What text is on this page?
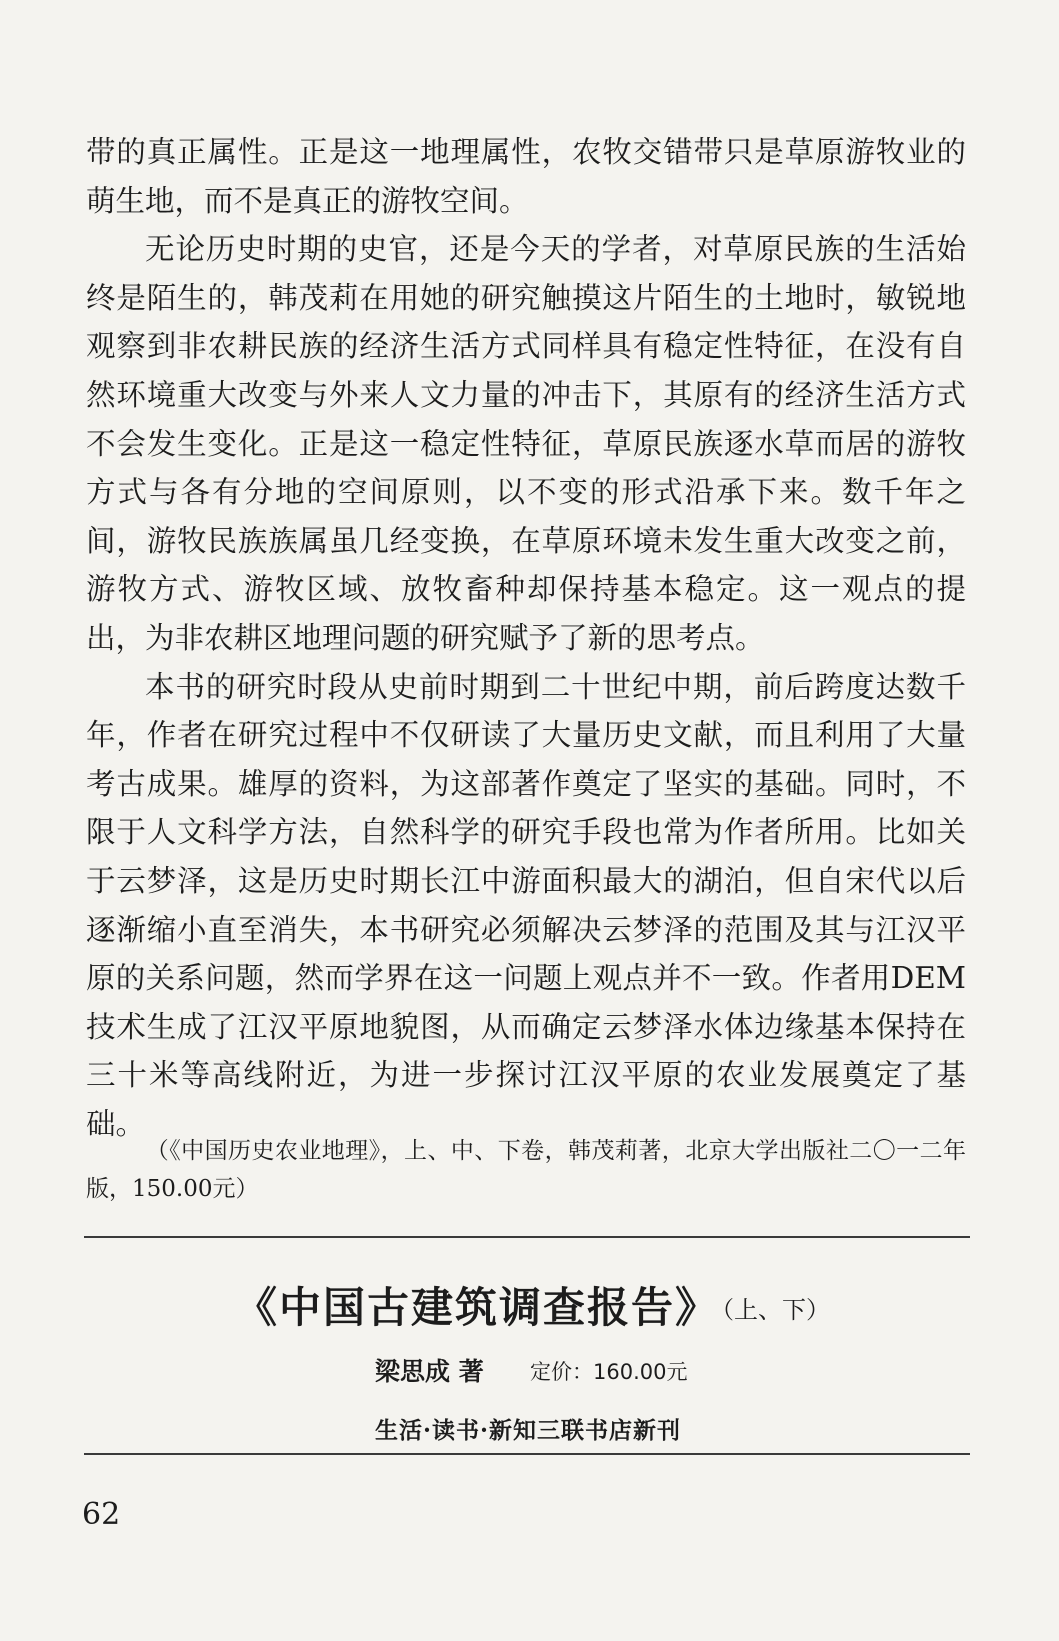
带的真正属性。正是这一地理属性，农牧交错带只是草原游牧业的萌生地，而不是真正的游牧空间。

无论历史时期的史官，还是今天的学者，对草原民族的生活始终是陌生的，韩茂莉在用她的研究触摸这片陌生的土地时，敏锐地观察到非农耕民族的经济生活方式同样具有稳定性特征，在没有自然环境重大改变与外来人文力量的冲击下，其原有的经济生活方式不会发生变化。正是这一稳定性特征，草原民族逐水草而居的游牧方式与各有分地的空间原则，以不变的形式沿承下来。数千年之间，游牧民族族属虽几经变换，在草原环境未发生重大改变之前，游牧方式、游牧区域、放牧畜种却保持基本稳定。这一观点的提出，为非农耕区地理问题的研究赋予了新的思考点。

本书的研究时段从史前时期到二十世纪中期，前后跨度达数千年，作者在研究过程中不仅研读了大量历史文献，而且利用了大量考古成果。雄厚的资料，为这部著作奠定了坚实的基础。同时，不限于人文科学方法，自然科学的研究手段也常为作者所用。比如关于云梦泽，这是历史时期长江中游面积最大的湖泊，但自宋代以后逐渐缩小直至消失，本书研究必须解决云梦泽的范围及其与江汉平原的关系问题，然而学界在这一问题上观点并不一致。作者用DEM技术生成了江汉平原地貌图，从而确定云梦泽水体边缘基本保持在三十米等高线附近，为进一步探讨江汉平原的农业发展奠定了基础。

（《中国历史农业地理》，上、中、下卷，韩茂莉著，北京大学出版社二〇一二年版，150.00元）
《中国古建筑调查报告》
（上、下）
梁思成 著 定价：160.00元
生活·读书·新知三联书店新刊
62
